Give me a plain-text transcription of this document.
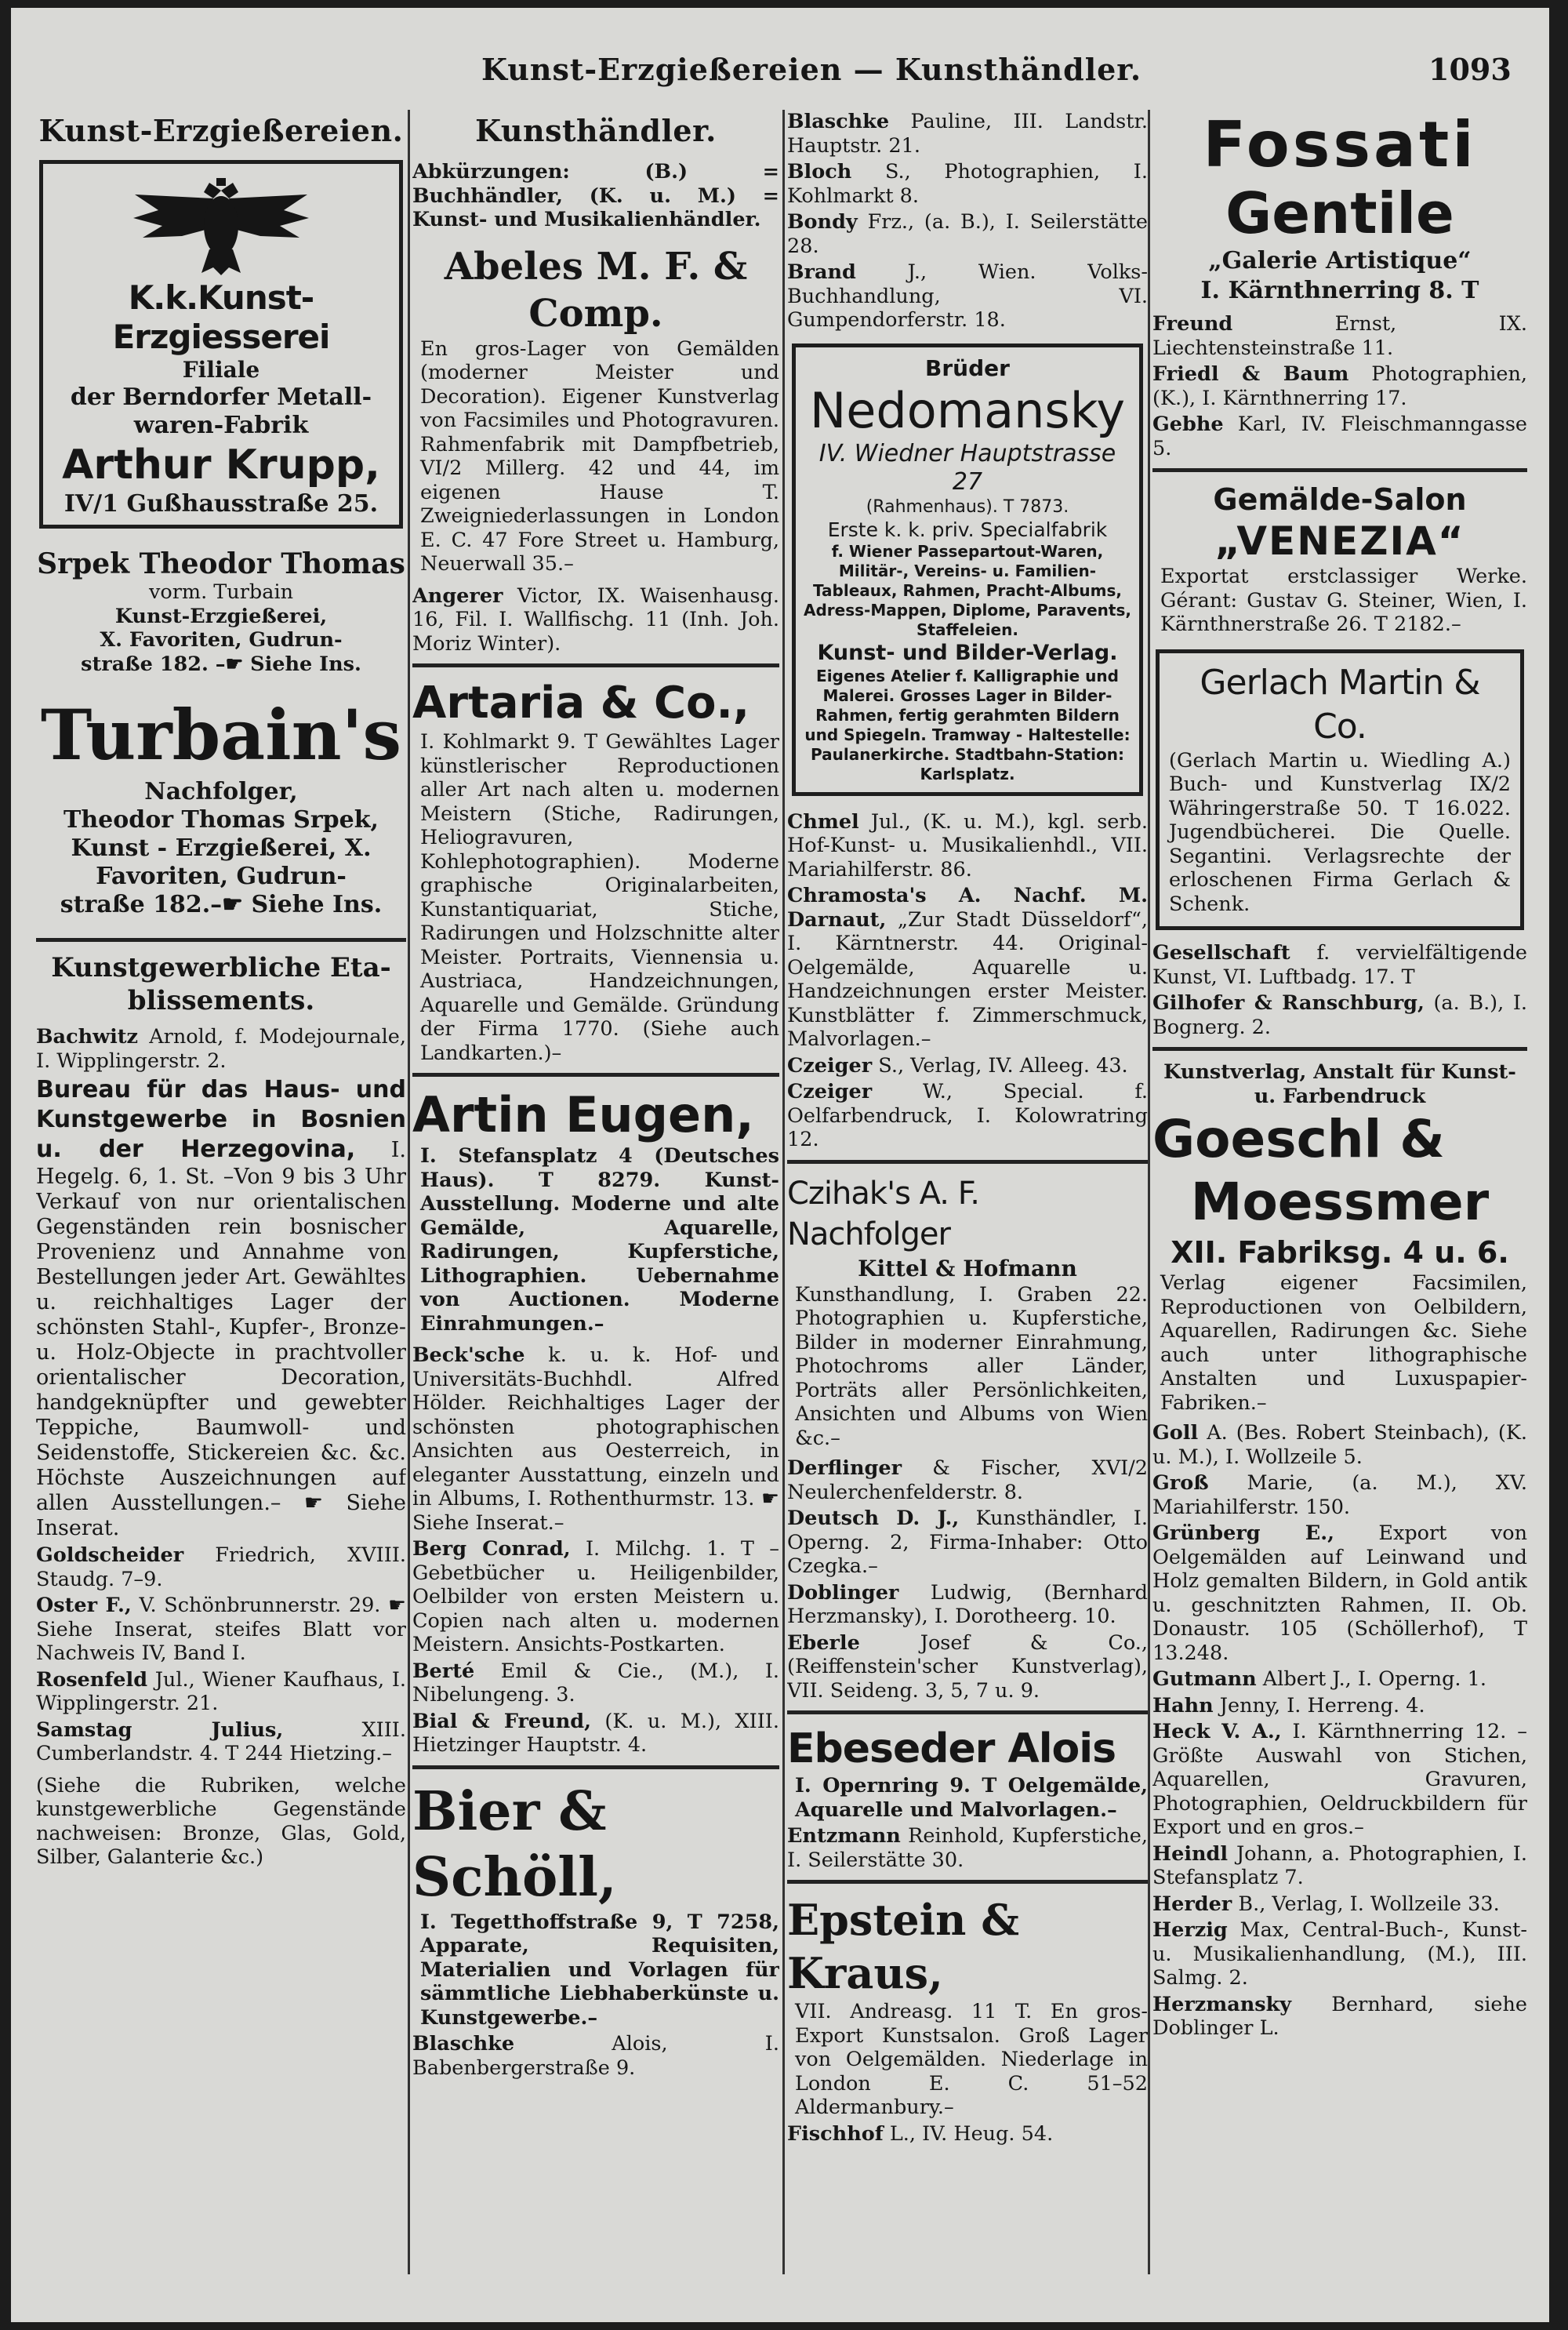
Kunst-Erzgießereien — Kunsthändler.	1093
Kunst-Erzgießereien.
K.k.Kunst-Erzgiesserei
Filiale
der Berndorfer Metall-
waren-Fabrik
Arthur Krupp,
IV/1 Gußhausstraße 25.
Srpek Theodor Thomas
vorm. Turbain
Kunst-Erzgießerei,
X. Favoriten, Gudrun-
straße 182. –☛ Siehe Ins.
Turbain's
Nachfolger,
Theodor Thomas Srpek,
Kunst - Erzgießerei, X.
Favoriten, Gudrun-
straße 182.–☛ Siehe Ins.
Kunstgewerbliche Eta-blissements.
Bachwitz Arnold, f. Modejournale, I. Wipplingerstr. 2.
Bureau für das Haus- und Kunstgewerbe in Bosnien u. der Herzegovina, I. Hegelg. 6, 1. St. –Von 9 bis 3 Uhr Verkauf von nur orientalischen Gegenständen rein bosnischer Provenienz und Annahme von Bestellungen jeder Art. Gewähltes u. reichhaltiges Lager der schönsten Stahl-, Kupfer-, Bronze- u. Holz-Objecte in prachtvoller orientalischer Decoration, handgeknüpfter und gewebter Teppiche, Baumwoll- und Seidenstoffe, Stickereien &c. &c. Höchste Auszeichnungen auf allen Ausstellungen.– ☛ Siehe Inserat.
Goldscheider Friedrich, XVIII. Staudg. 7–9.
Oster F., V. Schönbrunnerstr. 29. ☛ Siehe Inserat, steifes Blatt vor Nachweis IV, Band I.
Rosenfeld Jul., Wiener Kaufhaus, I. Wipplingerstr. 21.
Samstag Julius, XIII. Cumberlandstr. 4. T 244 Hietzing.–
(Siehe die Rubriken, welche kunstgewerbliche Gegenstände nachweisen: Bronze, Glas, Gold, Silber, Galanterie &c.)
Kunsthändler.
Abkürzungen: (B.) = Buchhändler, (K. u. M.) = Kunst- und Musikalienhändler.
Abeles M. F. & Comp.
En gros-Lager von Gemälden (moderner Meister und Decoration). Eigener Kunstverlag von Facsimiles und Photogravuren. Rahmenfabrik mit Dampfbetrieb, VI/2 Millerg. 42 und 44, im eigenen Hause T. Zweigniederlassungen in London E. C. 47 Fore Street u. Hamburg, Neuerwall 35.–
Angerer Victor, IX. Waisenhausg. 16, Fil. I. Wallfischg. 11 (Inh. Joh. Moriz Winter).
Artaria & Co.,
I. Kohlmarkt 9. T Gewähltes Lager künstlerischer Reproductionen aller Art nach alten u. modernen Meistern (Stiche, Radirungen, Heliogravuren, Kohlephotographien). Moderne graphische Originalarbeiten, Kunstantiquariat, Stiche, Radirungen und Holzschnitte alter Meister. Portraits, Viennensia u. Austriaca, Handzeichnungen, Aquarelle und Gemälde. Gründung der Firma 1770. (Siehe auch Landkarten.)–
Artin Eugen,
I. Stefansplatz 4 (Deutsches Haus). T 8279. Kunst-Ausstellung. Moderne und alte Gemälde, Aquarelle, Radirungen, Kupferstiche, Lithographien. Uebernahme von Auctionen. Moderne Einrahmungen.–
Beck'sche k. u. k. Hof- und Universitäts-Buchhdl. Alfred Hölder. Reichhaltiges Lager der schönsten photographischen Ansichten aus Oesterreich, in eleganter Ausstattung, einzeln und in Albums, I. Rothenthurmstr. 13. ☛ Siehe Inserat.–
Berg Conrad, I. Milchg. 1. T –Gebetbücher u. Heiligenbilder, Oelbilder von ersten Meistern u. Copien nach alten u. modernen Meistern. Ansichts-Postkarten.
Berté Emil & Cie., (M.), I. Nibelungeng. 3.
Bial & Freund, (K. u. M.), XIII. Hietzinger Hauptstr. 4.
Bier & Schöll,
I. Tegetthoffstraße 9, T 7258, Apparate, Requisiten, Materialien und Vorlagen für sämmtliche Liebhaberkünste u. Kunstgewerbe.–
Blaschke Alois, I. Babenbergerstraße 9.
Blaschke Pauline, III. Landstr. Hauptstr. 21.
Bloch S., Photographien, I. Kohlmarkt 8.
Bondy Frz., (a. B.), I. Seilerstätte 28.
Brand J., Wien. Volks-Buchhandlung, VI. Gumpendorferstr. 18.
Brüder
Nedomansky
IV. Wiedner Hauptstrasse 27
(Rahmenhaus). T 7873.
Erste k. k. priv. Specialfabrik
f. Wiener Passepartout-Waren, Militär-, Vereins- u. Familien-Tableaux, Rahmen, Pracht-Albums, Adress-Mappen, Diplome, Paravents, Staffeleien.
Kunst- und Bilder-Verlag.
Eigenes Atelier f. Kalligraphie und Malerei. Grosses Lager in Bilder-Rahmen, fertig gerahmten Bildern und Spiegeln. Tramway - Haltestelle: Paulanerkirche. Stadtbahn-Station: Karlsplatz.
Chmel Jul., (K. u. M.), kgl. serb. Hof-Kunst- u. Musikalienhdl., VII. Mariahilferstr. 86.
Chramosta's A. Nachf. M. Darnaut, „Zur Stadt Düsseldorf“, I. Kärntnerstr. 44. Original-Oelgemälde, Aquarelle u. Handzeichnungen erster Meister. Kunstblätter f. Zimmerschmuck, Malvorlagen.–
Czeiger S., Verlag, IV. Alleeg. 43.
Czeiger W., Special. f. Oelfarbendruck, I. Kolowratring 12.
Czihak's A. F. Nachfolger
Kittel & Hofmann
Kunsthandlung, I. Graben 22. Photographien u. Kupferstiche, Bilder in moderner Einrahmung, Photochroms aller Länder, Porträts aller Persönlichkeiten, Ansichten und Albums von Wien &c.–
Derflinger & Fischer, XVI/2 Neulerchenfelderstr. 8.
Deutsch D. J., Kunsthändler, I. Operng. 2, Firma-Inhaber: Otto Czegka.–
Doblinger Ludwig, (Bernhard Herzmansky), I. Dorotheerg. 10.
Eberle Josef & Co., (Reiffenstein'scher Kunstverlag), VII. Seideng. 3, 5, 7 u. 9.
Ebeseder Alois
I. Opernring 9. T Oelgemälde, Aquarelle und Malvorlagen.–
Entzmann Reinhold, Kupferstiche, I. Seilerstätte 30.
Epstein & Kraus,
VII. Andreasg. 11 T. En gros-Export Kunstsalon. Groß Lager von Oelgemälden. Niederlage in London E. C. 51–52 Aldermanbury.–
Fischhof L., IV. Heug. 54.
Fossati
Gentile
„Galerie Artistique“
I. Kärnthnerring 8. T
Freund Ernst, IX. Liechtensteinstraße 11.
Friedl & Baum Photographien, (K.), I. Kärnthnerring 17.
Gebhe Karl, IV. Fleischmanngasse 5.
Gemälde-Salon
„VENEZIA“
Exportat erstclassiger Werke. Gérant: Gustav G. Steiner, Wien, I. Kärnthnerstraße 26. T 2182.–
Gerlach Martin & Co.
(Gerlach Martin u. Wiedling A.) Buch- und Kunstverlag IX/2 Währingerstraße 50. T 16.022. Jugendbücherei. Die Quelle. Segantini. Verlagsrechte der erloschenen Firma Gerlach & Schenk.
Gesellschaft f. vervielfältigende Kunst, VI. Luftbadg. 17. T
Gilhofer & Ranschburg, (a. B.), I. Bognerg. 2.
Kunstverlag, Anstalt für Kunst- u. Farbendruck
Goeschl &
Moessmer
XII. Fabriksg. 4 u. 6.
Verlag eigener Facsimilen, Reproductionen von Oelbildern, Aquarellen, Radirungen &c. Siehe auch unter lithographische Anstalten und Luxuspapier-Fabriken.–
Goll A. (Bes. Robert Steinbach), (K. u. M.), I. Wollzeile 5.
Groß Marie, (a. M.), XV. Mariahilferstr. 150.
Grünberg E., Export von Oelgemälden auf Leinwand und Holz gemalten Bildern, in Gold antik u. geschnitzten Rahmen, II. Ob. Donaustr. 105 (Schöllerhof), T 13.248.
Gutmann Albert J., I. Operng. 1.
Hahn Jenny, I. Herreng. 4.
Heck V. A., I. Kärnthnerring 12. –Größte Auswahl von Stichen, Aquarellen, Gravuren, Photographien, Oeldruckbildern für Export und en gros.–
Heindl Johann, a. Photographien, I. Stefansplatz 7.
Herder B., Verlag, I. Wollzeile 33.
Herzig Max, Central-Buch-, Kunst- u. Musikalienhandlung, (M.), III. Salmg. 2.
Herzmansky Bernhard, siehe Doblinger L.
